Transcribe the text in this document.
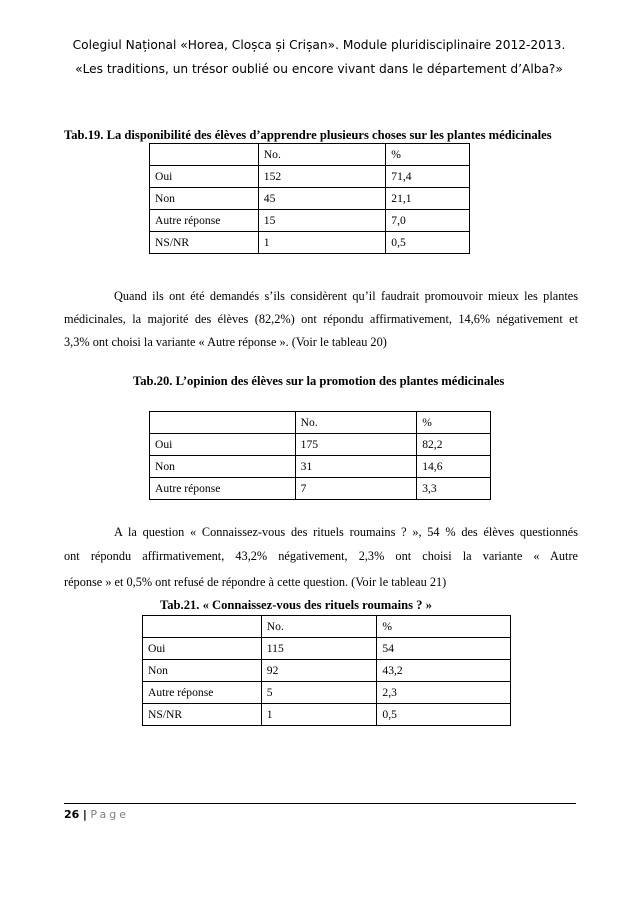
Colegiul Național «Horea, Cloșca și Crișan». Module pluridisciplinaire 2012-2013.
«Les traditions, un trésor oublié ou encore vivant dans le département d’Alba?»
Tab.19. La disponibilité des élèves d’apprendre plusieurs choses sur les plantes médicinales
	No.	%
Oui	152	71,4
Non	45	21,1
Autre réponse	15	7,0
NS/NR	1	0,5
Quand ils ont été demandés s’ils considèrent qu’il faudrait promouvoir mieux les plantes
médicinales, la majorité des élèves (82,2%) ont répondu affirmativement, 14,6% négativement et
3,3% ont choisi la variante « Autre réponse ». (Voir le tableau 20)
Tab.20. L’opinion des élèves sur la promotion des plantes médicinales
	No.	%
Oui	175	82,2
Non	31	14,6
Autre réponse	7	3,3
A la question « Connaissez-vous des rituels roumains ? », 54 % des élèves questionnés
ont répondu affirmativement, 43,2% négativement, 2,3% ont choisi la variante « Autre
réponse » et 0,5% ont refusé de répondre à cette question. (Voir le tableau 21)
Tab.21. « Connaissez-vous des rituels roumains ? »
	No.	%
Oui	115	54
Non	92	43,2
Autre réponse	5	2,3
NS/NR	1	0,5
26 | Page
